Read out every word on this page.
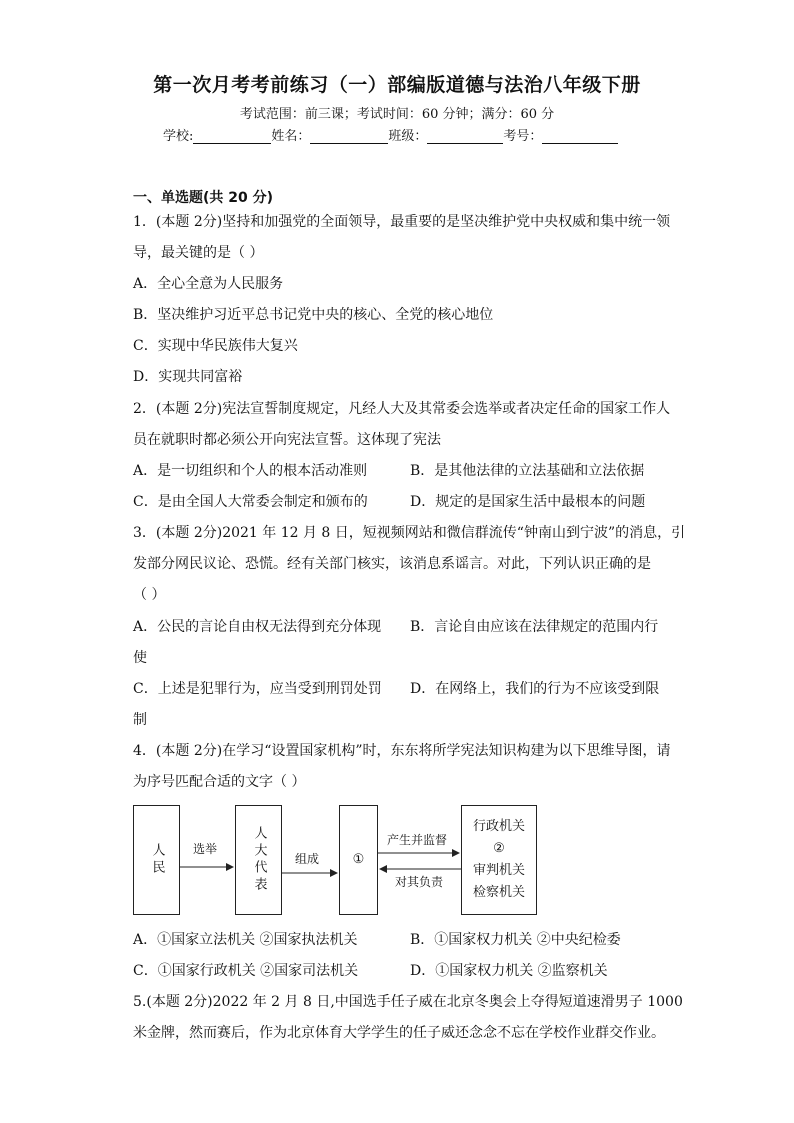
第一次月考考前练习（一）部编版道德与法治八年级下册
考试范围：前三课；考试时间：60 分钟；满分：60 分
学校:	姓名：	班级：	考号：
一、单选题(共 20 分)
1．(本题 2分)坚持和加强党的全面领导，最重要的是坚决维护党中央权威和集中统一领
导，最关键的是（ ）
A．全心全意为人民服务
B．坚决维护习近平总书记党中央的核心、全党的核心地位
C．实现中华民族伟大复兴
D．实现共同富裕
2．(本题 2分)宪法宣誓制度规定，凡经人大及其常委会选举或者决定任命的国家工作人
员在就职时都必须公开向宪法宣誓。这体现了宪法
A．是一切组织和个人的根本活动准则	B．是其他法律的立法基础和立法依据
C．是由全国人大常委会制定和颁布的	D．规定的是国家生活中最根本的问题
3．(本题 2分)2021 年 12 月 8 日，短视频网站和微信群流传“钟南山到宁波”的消息，引
发部分网民议论、恐慌。经有关部门核实，该消息系谣言。对此，下列认识正确的是
（ ）
A．公民的言论自由权无法得到充分体现 B．言论自由应该在法律规定的范围内行
使
C．上述是犯罪行为，应当受到刑罚处罚 D．在网络上，我们的行为不应该受到限
制
4．(本题 2分)在学习“设置国家机构”时，东东将所学宪法知识构建为以下思维导图，请
为序号匹配合适的文字（ ）
人民 选举	人大代表 组成	①
产生并监督
对其负责
行政机关
②
审判机关
检察机关
A．①国家立法机关 ②国家执法机关	B．①国家权力机关 ②中央纪检委
C．①国家行政机关 ②国家司法机关	D．①国家权力机关 ②监察机关
5.(本题 2分)2022 年 2 月 8 日,中国选手任子威在北京冬奥会上夺得短道速滑男子 1000
米金牌，然而赛后，作为北京体育大学学生的任子威还念念不忘在学校作业群交作业。
